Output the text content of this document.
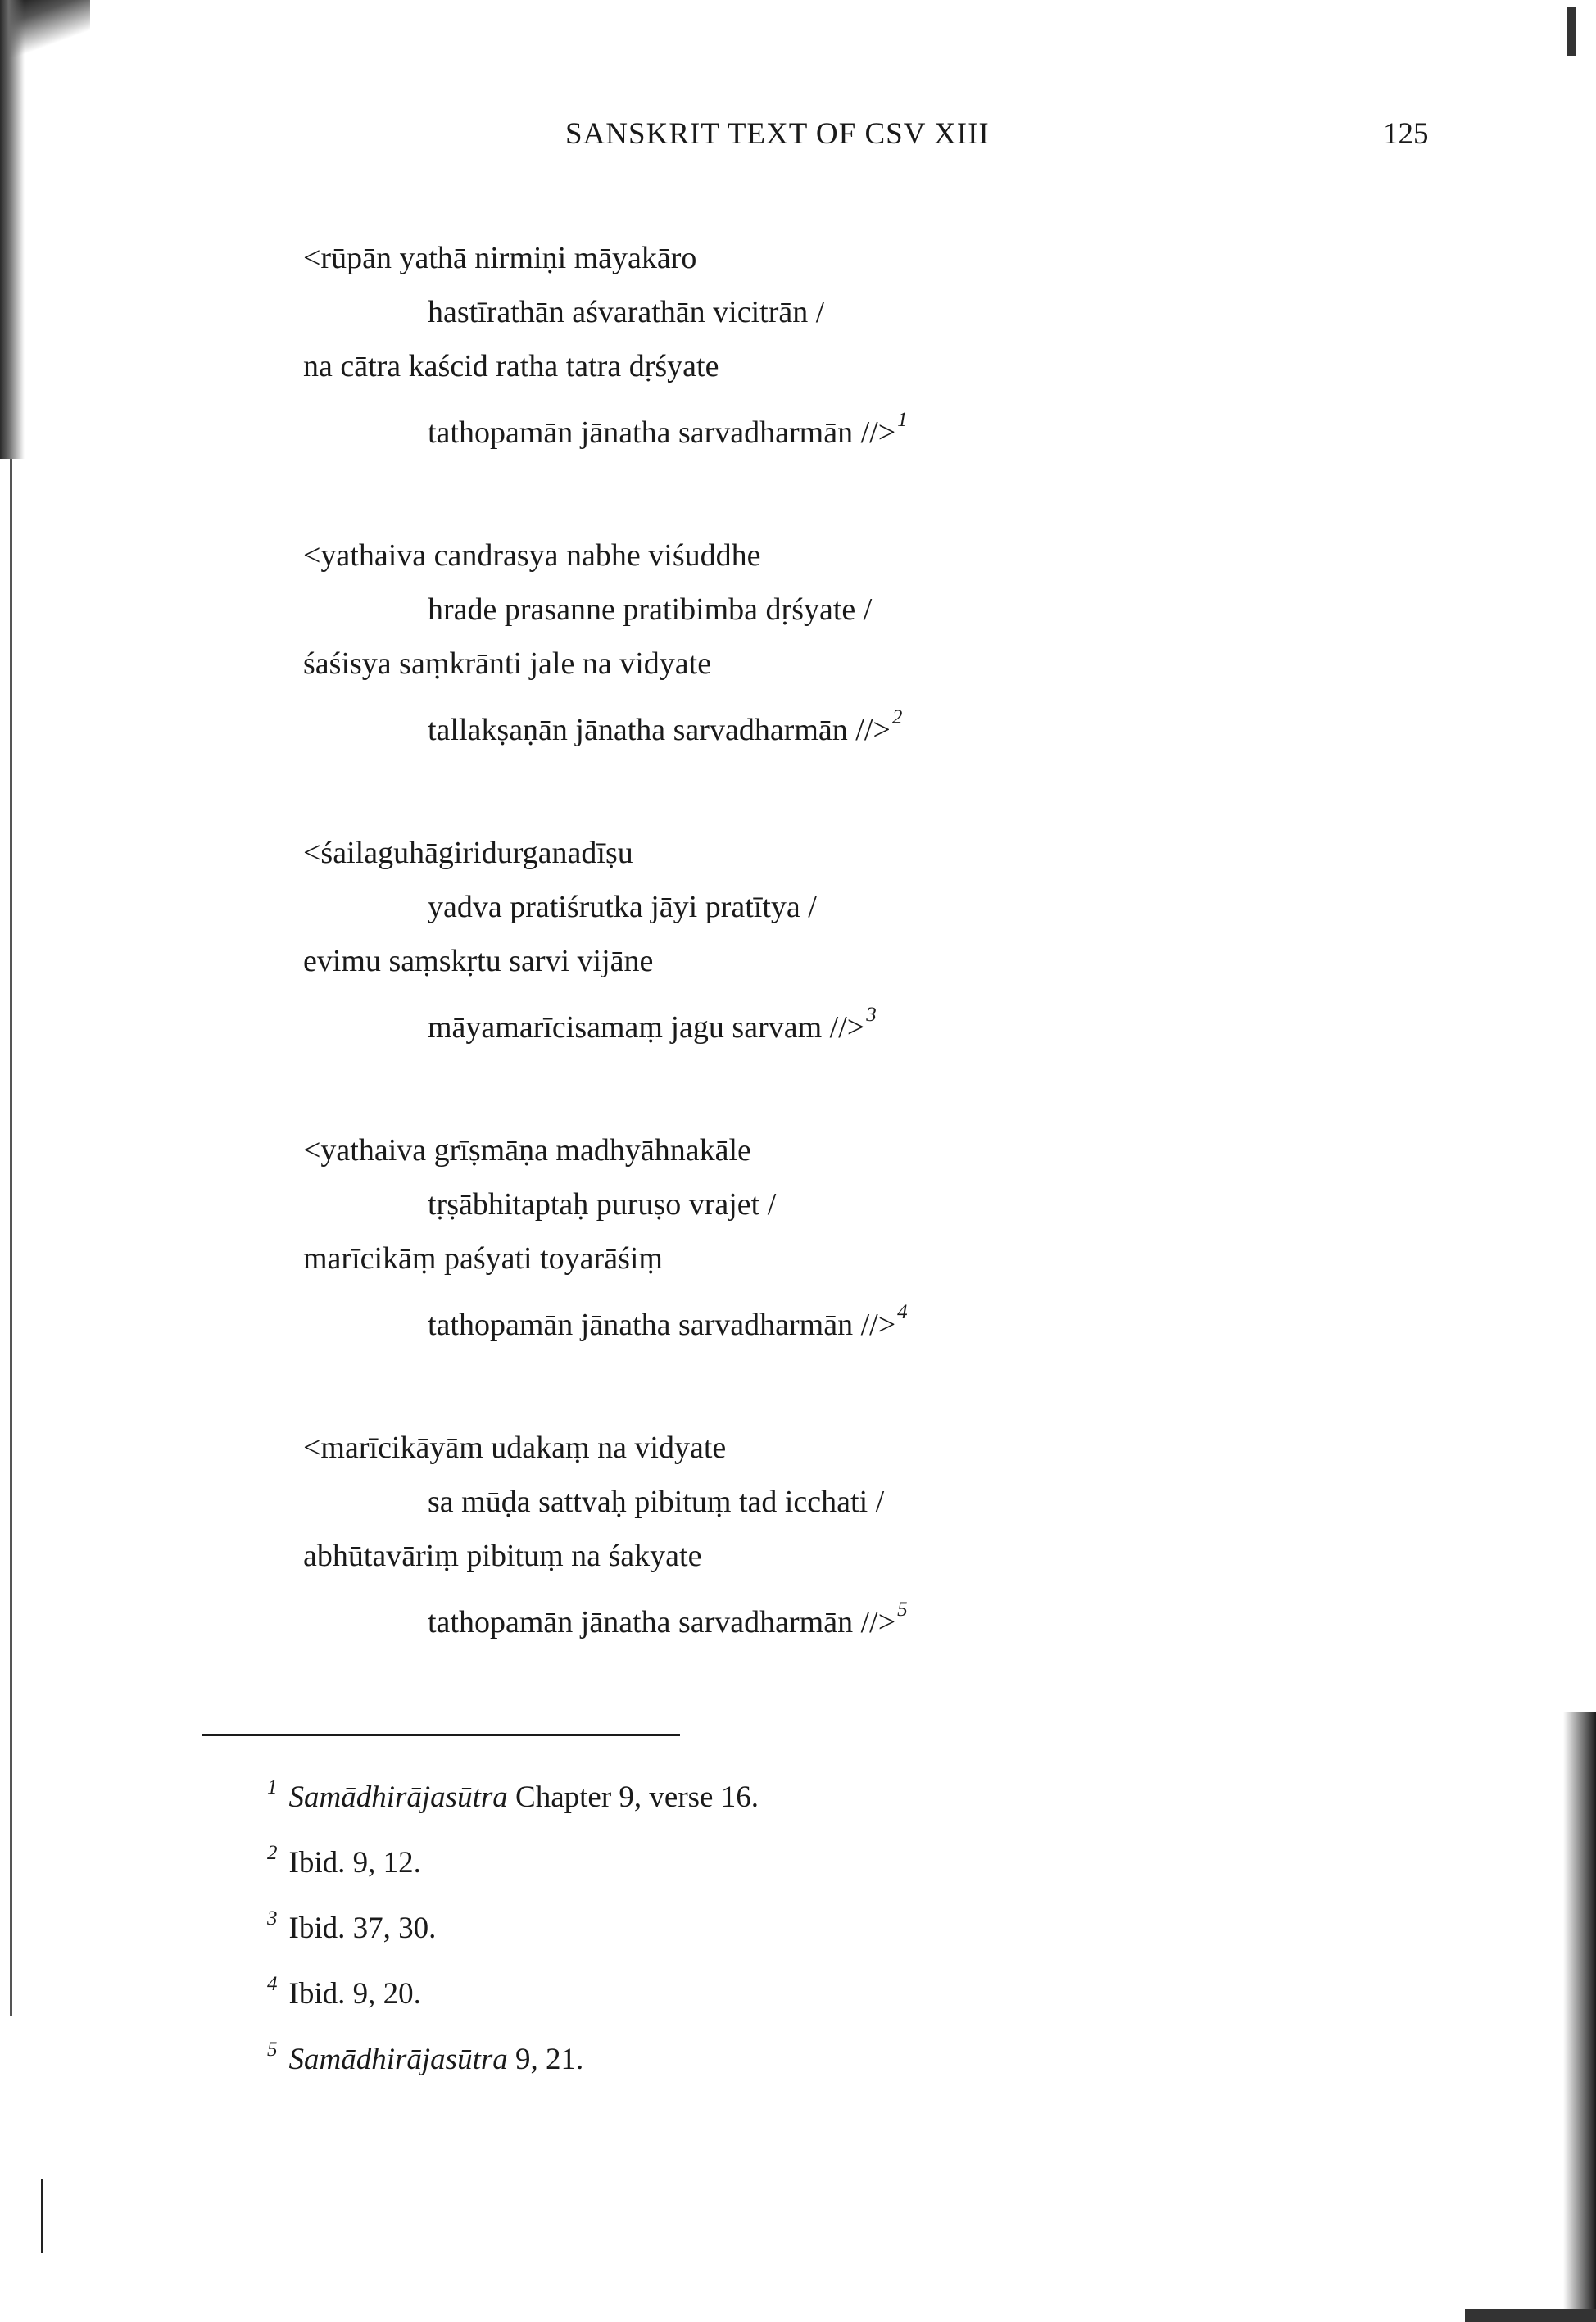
SANSKRIT TEXT OF CSV XIII	125
<rūpān yathā nirmiṇi māyakāro
hastīrathān aśvarathān vicitrān /
na cātra kaścid ratha tatra dṛśyate
tathopamān jānatha sarvadharmān //>$^1$
<yathaiva candrasya nabhe viśuddhe
hrade prasanne pratibimba dṛśyate /
śaśisya saṃkrānti jale na vidyate
tallakṣaṇān jānatha sarvadharmān //>$^2$
<śailaguhāgiridurganadīṣu
yadva pratiśrutka jāyi pratītya /
evimu saṃskṛtu sarvi vijāne
māyamarīcisamaṃ jagu sarvam //>$^3$
<yathaiva grīṣmāṇa madhyāhnakāle
tṛṣābhitaptaḥ puruṣo vrajet /
marīcikāṃ paśyati toyarāśiṃ
tathopamān jānatha sarvadharmān //>$^4$
<marīcikāyām udakaṃ na vidyate
sa mūḍa sattvaḥ pibituṃ tad icchati /
abhūtavāriṃ pibituṃ na śakyate
tathopamān jānatha sarvadharmān //>$^5$
$^1$ Samādhirājasūtra Chapter 9, verse 16.
$^2$ Ibid. 9, 12.
$^3$ Ibid. 37, 30.
$^4$ Ibid. 9, 20.
$^5$ Samādhirājasūtra 9, 21.
